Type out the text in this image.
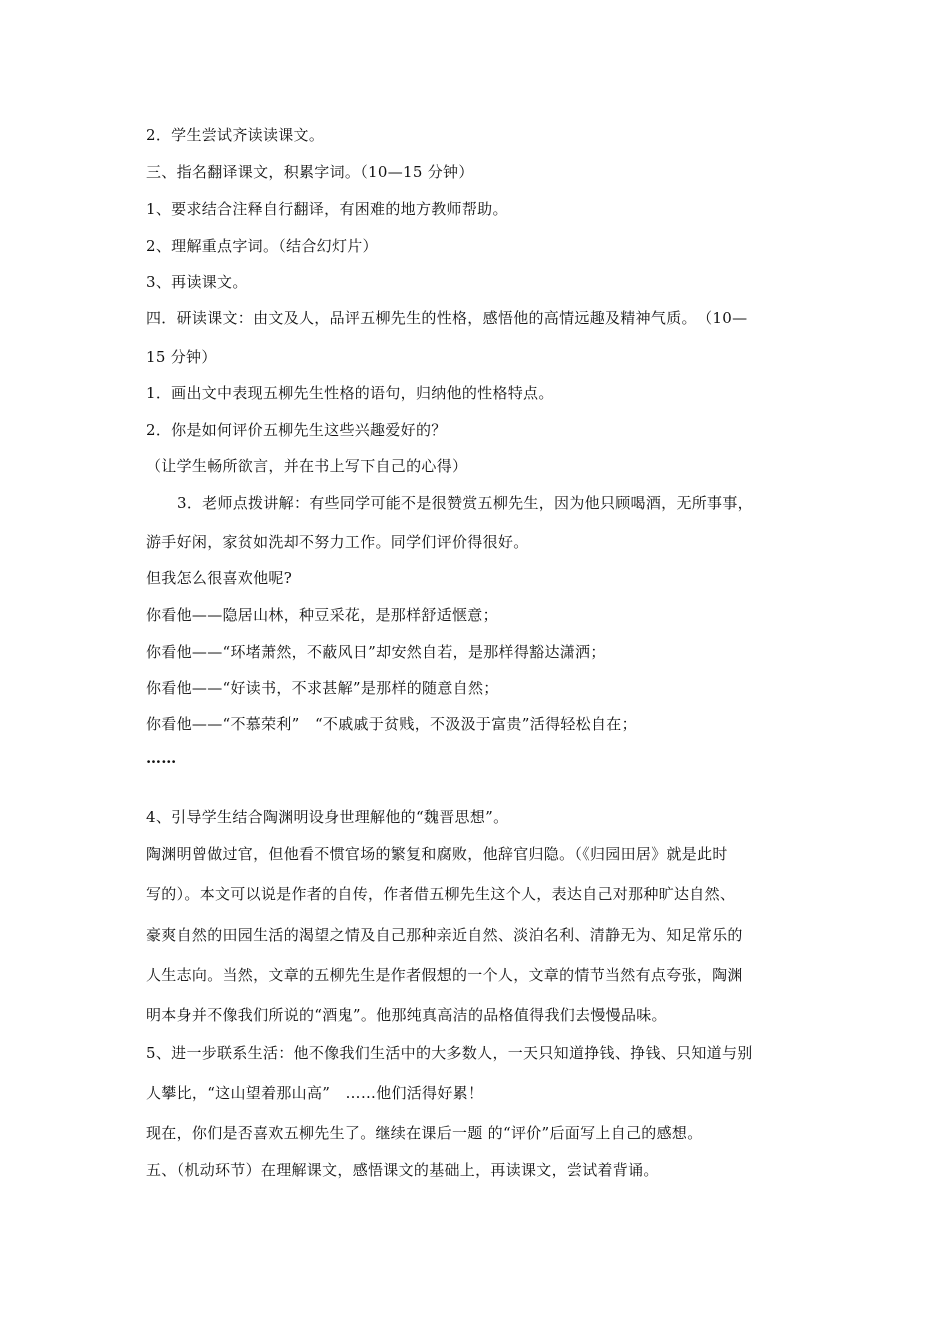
2．学生尝试齐读读课文。
三、指名翻译课文，积累字词。（10—15 分钟）
1、要求结合注释自行翻译，有困难的地方教师帮助。
2、理解重点字词。（结合幻灯片）
3、再读课文。
四．研读课文：由文及人，品评五柳先生的性格，感悟他的高情远趣及精神气质。　（10—
15 分钟）
1．画出文中表现五柳先生性格的语句，归纳他的性格特点。
2．你是如何评价五柳先生这些兴趣爱好的？
（让学生畅所欲言，并在书上写下自己的心得）
3．老师点拨讲解：有些同学可能不是很赞赏五柳先生，因为他只顾喝酒，无所事事，
游手好闲，家贫如洗却不努力工作。同学们评价得很好。
但我怎么很喜欢他呢?
你看他——隐居山林，种豆采花，是那样舒适惬意；
你看他——“环堵萧然，不蔽风日”却安然自若，是那样得豁达潇洒；
你看他——“好读书，不求甚解”是那样的随意自然；
你看他——“不慕荣利”　“不戚戚于贫贱，不汲汲于富贵”活得轻松自在；
……
4、引导学生结合陶渊明设身世理解他的“魏晋思想”。
陶渊明曾做过官，但他看不惯官场的繁复和腐败，他辞官归隐。（《归园田居》就是此时
写的）。本文可以说是作者的自传，作者借五柳先生这个人，表达自己对那种旷达自然、
豪爽自然的田园生活的渴望之情及自己那种亲近自然、淡泊名利、清静无为、知足常乐的
人生志向。当然，文章的五柳先生是作者假想的一个人，文章的情节当然有点夸张，陶渊
明本身并不像我们所说的“酒鬼”。他那纯真高洁的品格值得我们去慢慢品味。
5、进一步联系生活：他不像我们生活中的大多数人，一天只知道挣钱、挣钱、只知道与别
人攀比，“这山望着那山高”　……他们活得好累！
现在，你们是否喜欢五柳先生了。继续在课后一题 的“评价”后面写上自己的感想。
五、（机动环节）在理解课文，感悟课文的基础上，再读课文，尝试着背诵。
